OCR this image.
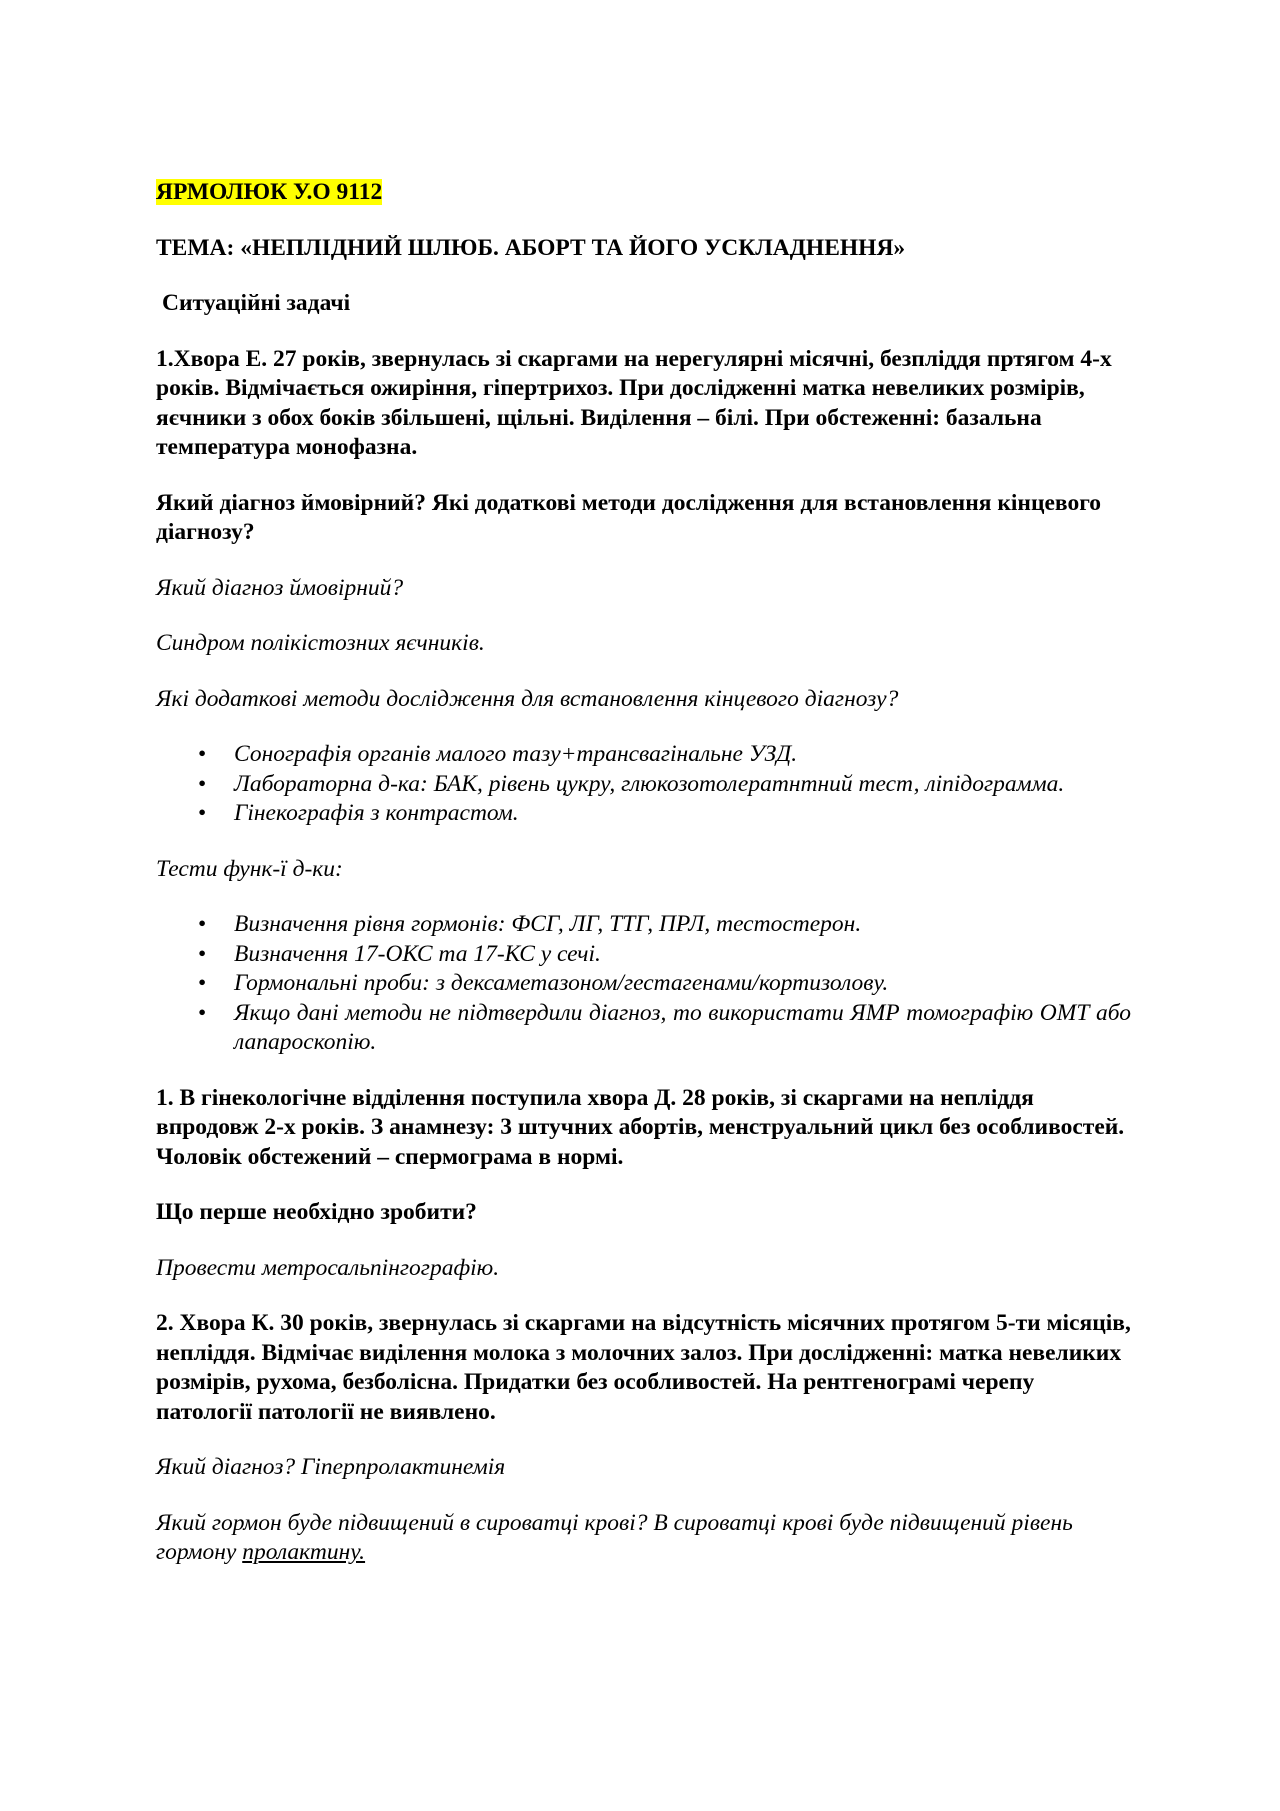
ЯРМОЛЮК У.О 9112

ТЕМА: «НЕПЛІДНИЙ ШЛЮБ. АБОРТ ТА ЙОГО УСКЛАДНЕННЯ»

Ситуаційні задачі

1.Хвора Е. 27 років, звернулась зі скаргами на нерегулярні місячні, безпліддя пртягом 4-х років. Відмічається ожиріння, гіпертрихоз. При дослідженні матка невеликих розмірів, яєчники з обох боків збільшені, щільні. Виділення – білі. При обстеженні: базальна температура монофазна.

Який діагноз ймовірний? Які додаткові методи дослідження для встановлення кінцевого діагнозу?

Який діагноз ймовірний?

Синдром полікістозних яєчників.

Які додаткові методи дослідження для встановлення кінцевого діагнозу?

• Сонографія органів малого тазу+трансвагінальне УЗД.
• Лабораторна д-ка: БАК, рівень цукру, глюкозотолератнтний тест, ліпідограмма.
• Гінекографія з контрастом.

Тести функ-ї д-ки:

• Визначення рівня гормонів: ФСГ, ЛГ, ТТГ, ПРЛ, тестостерон.
• Визначення 17-ОКС та 17-КС у сечі.
• Гормональні проби: з дексаметазоном/гестагенами/кортизолову.
• Якщо дані методи не підтвердили діагноз, то використати ЯМР томографію ОМТ або лапароскопію.

1. В гінекологічне відділення поступила хвора Д. 28 років, зі скаргами на непліддя впродовж 2-х років. З анамнезу: 3 штучних абортів, менструальний цикл без особливостей. Чоловік обстежений – спермограма в нормі.

Що перше необхідно зробити?

Провести метросальпінгографію.

2. Хвора К. 30 років, звернулась зі скаргами на відсутність місячних протягом 5-ти місяців, непліддя. Відмічає виділення молока з молочних залоз. При дослідженні: матка невеликих розмірів, рухома, безболісна. Придатки без особливостей. На рентгенограмі черепу патології патології не виявлено.

Який діагноз? Гіперпролактинемія

Який гормон буде підвищений в сироватці крові? В сироватці крові буде підвищений рівень гормону пролактину.
